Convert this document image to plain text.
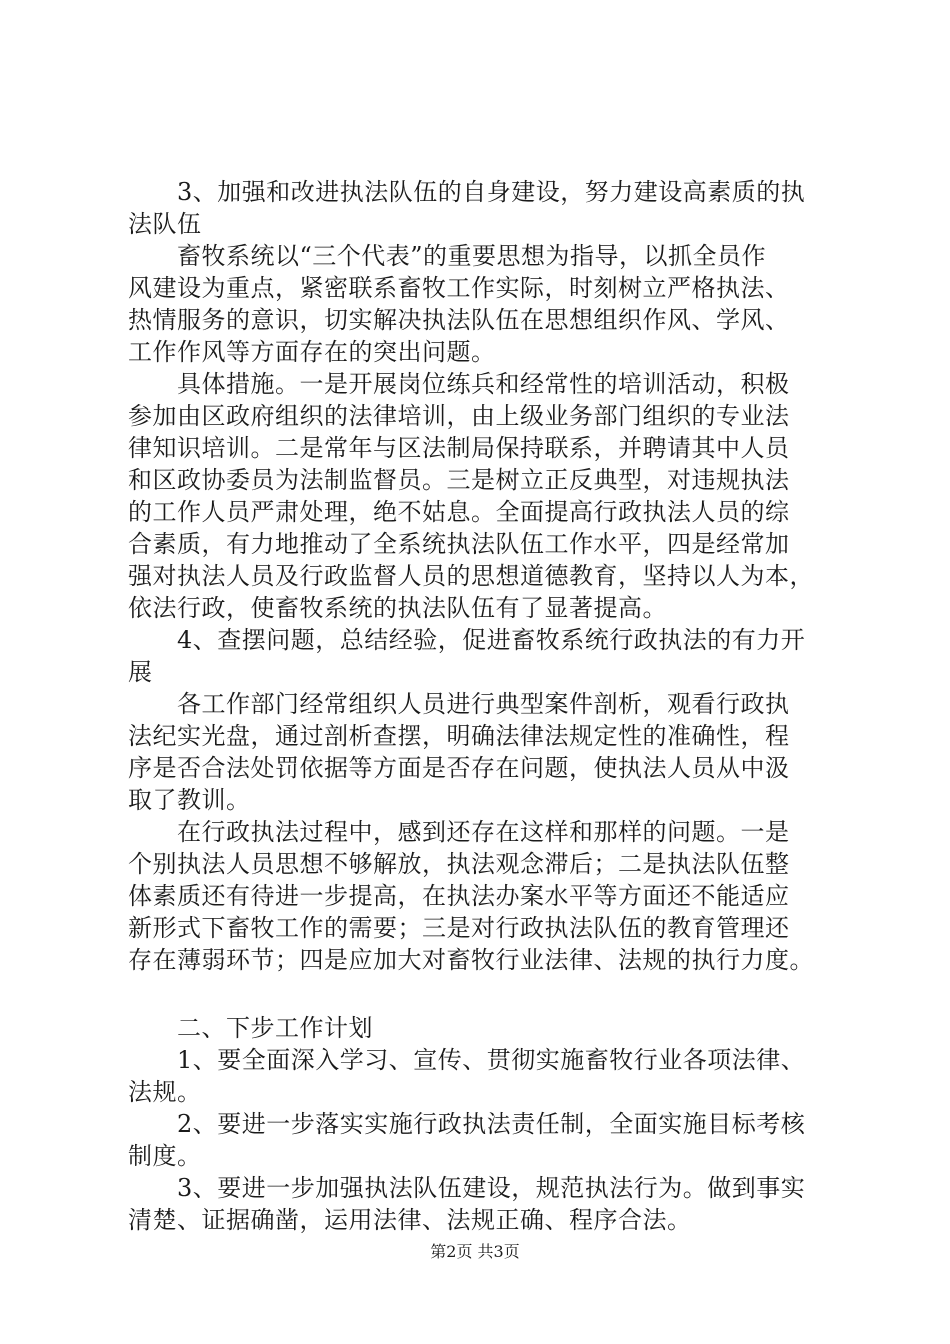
　　3、加强和改进执法队伍的自身建设，努力建设高素质的执
法队伍
　　畜牧系统以“三个代表”的重要思想为指导，以抓全员作
风建设为重点，紧密联系畜牧工作实际，时刻树立严格执法、
热情服务的意识，切实解决执法队伍在思想组织作风、学风、
工作作风等方面存在的突出问题。
　　具体措施。一是开展岗位练兵和经常性的培训活动，积极
参加由区政府组织的法律培训，由上级业务部门组织的专业法
律知识培训。二是常年与区法制局保持联系，并聘请其中人员
和区政协委员为法制监督员。三是树立正反典型，对违规执法
的工作人员严肃处理，绝不姑息。全面提高行政执法人员的综
合素质，有力地推动了全系统执法队伍工作水平，四是经常加
强对执法人员及行政监督人员的思想道德教育，坚持以人为本，
依法行政，使畜牧系统的执法队伍有了显著提高。
　　4、查摆问题，总结经验，促进畜牧系统行政执法的有力开
展
　　各工作部门经常组织人员进行典型案件剖析，观看行政执
法纪实光盘，通过剖析查摆，明确法律法规定性的准确性，程
序是否合法处罚依据等方面是否存在问题，使执法人员从中汲
取了教训。
　　在行政执法过程中，感到还存在这样和那样的问题。一是
个别执法人员思想不够解放，执法观念滞后；二是执法队伍整
体素质还有待进一步提高，在执法办案水平等方面还不能适应
新形式下畜牧工作的需要；三是对行政执法队伍的教育管理还
存在薄弱环节；四是应加大对畜牧行业法律、法规的执行力度。
　　二、下步工作计划
　　1、要全面深入学习、宣传、贯彻实施畜牧行业各项法律、
法规。
　　2、要进一步落实实施行政执法责任制，全面实施目标考核
制度。
　　3、要进一步加强执法队伍建设，规范执法行为。做到事实
清楚、证据确凿，运用法律、法规正确、程序合法。
第2页 共3页
